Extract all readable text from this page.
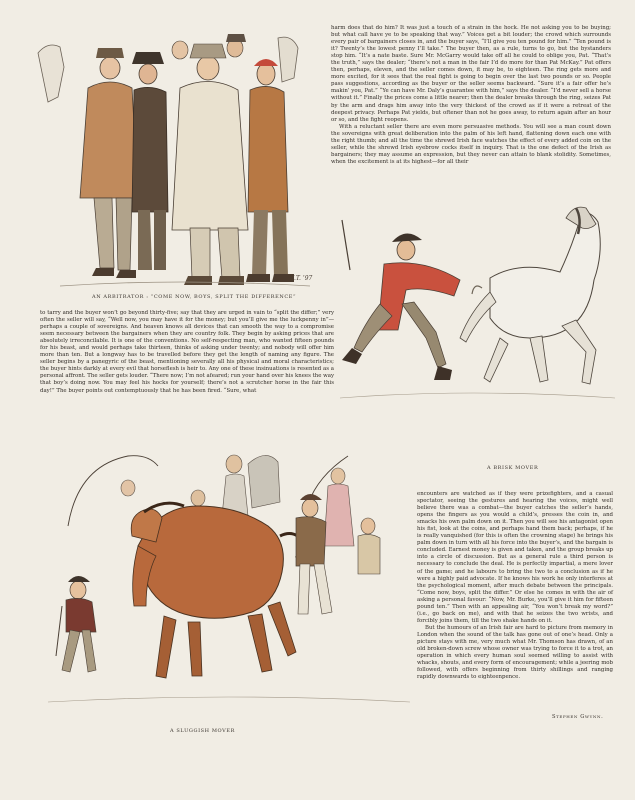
J.T. ’97
AN ARBITRATOR : “COME NOW, BOYS, SPLIT THE DIFFERENCE”

harm does that do him? It was just a touch of a strain in the hock. He not asking you to be buying; but what call have ye to be speaking that way.” Voices get a bit louder; the crowd which surrounds every pair of bargainers closes in, and the buyer says, “I’ll give you ten pound for him.” “Ten pound is it? Twenty’s the lowest penny I’ll take.” The buyer then, as a rule, turns to go, but the bystanders stop him. “It’s a nate baste. Sure Mr. McGarry would take off all he could to oblige you, Pat. “That’s the truth,” says the dealer; “there’s not a man in the fair I’d do more for than Pat McKay.” Pat offers then, perhaps, eleven, and the seller comes down, it may be, to eighteen. The ring gets more and more excited, for it sees that the real fight is going to begin over the last two pounds or so. People pass suggestions, according as the buyer or the seller seems backward. “Sure it’s a fair offer he’s makin’ you, Pat.” “Ye can have Mr. Daly’s guarantee with him,” says the dealer. “I’d never sell a horse without it.” Finally the prices come a little nearer; then the dealer breaks through the ring, seizes Pat by the arm and drags him away into the very thickest of the crowd as if it were a retreat of the deepest privacy. Perhaps Pat yields, but oftener than not he goes away, to return again after an hour or so, and the fight reopens.

With a reluctant seller there are even more persuasive methods. You will see a man count down the sovereigns with great deliberation into the palm of his left hand, flattening down each one with the right thumb; and all the time the shrewd Irish face watches the effect of every added coin on the seller, while the shrewd Irish eyebrow cocks itself in inquiry. That is the one defect of the Irish as bargainers; they may assume an expression, but they never can attain to blank stolidity. Sometimes, when the excitement is at its highest—for all their

to tarry and the buyer won’t go beyond thirty-five; say that they are urged in vain to “split the differ;” very often the seller will say, “Well now, you may have it for the money; but you’ll give me the luckpenny in”—perhaps a couple of sovereigns. And heaven knows all devices that can smooth the way to a compromise seem necessary between the bargainers when they are country folk. They begin by asking prices that are absolutely irreconcilable. It is one of the conventions. No self-respecting man, who wanted fifteen pounds for his beast, and would perhaps take thirteen, thinks of asking under twenty; and nobody will offer him more than ten. But a longway has to be travelled before they get the length of naming any figure. The seller begins by a panegyric of the beast, mentioning severally all his physical and moral characteristics; the buyer hints darkly at every evil that horseflesh is heir to. Any one of these insinuations is resented as a personal affront. The seller gets louder. “There now; I’m not afeared; run your hand over his knees the way that boy’s doing now. You may feel his hocks for yourself; there’s not a scrutcher horse in the fair this day!” The buyer points out contemptuously that he has been fired. “Sure, what

A BRISK MOVER

encounters are watched as if they were prizefighters, and a casual spectator, seeing the gestures and hearing the voices, might well believe there was a combat—the buyer catches the seller’s hands, opens the fingers as you would a child’s, presses the coin in, and smacks his own palm down on it. Then you will see his antagonist open his fist, look at the coins, and perhaps hand them back; perhaps, if he is really vanquished (for this is often the crowning stage) he brings his palm down in turn with all his force into the buyer’s, and the bargain is concluded. Earnest money is given and taken, and the group breaks up into a circle of discussion. But as a general rule a third person is necessary to conclude the deal. He is perfectly impartial, a mere lover of the game; and he labours to bring the two to a conclusion as if he were a highly paid advocate. If he knows his work he only interferes at the psychological moment, after much debate between the principals. “Come now, boys, split the differ.” Or else he comes in with the air of asking a personal favour: “Now, Mr. Burke, you’ll give it him for fifteen pound ten.” Then with an appealing air, “You won’t break my word?” (i.e., go back on me), and with that he seizes the two wrists, and forcibly joins them, till the two shake hands on it.

But the humours of an Irish fair are hard to picture from memory in London when the sound of the talk has gone out of one’s head. Only a picture stays with me, very much what Mr. Thomson has drawn, of an old broken-down screw whose owner was trying to force it to a trot, an operation in which every human soul seemed willing to assist with whacks, shouts, and every form of encouragement; while a jeering mob followed, with offers beginning from thirty shillings and ranging rapidly downwards to eighteenpence.

Stephen Gwynn.
A SLUGGISH MOVER
